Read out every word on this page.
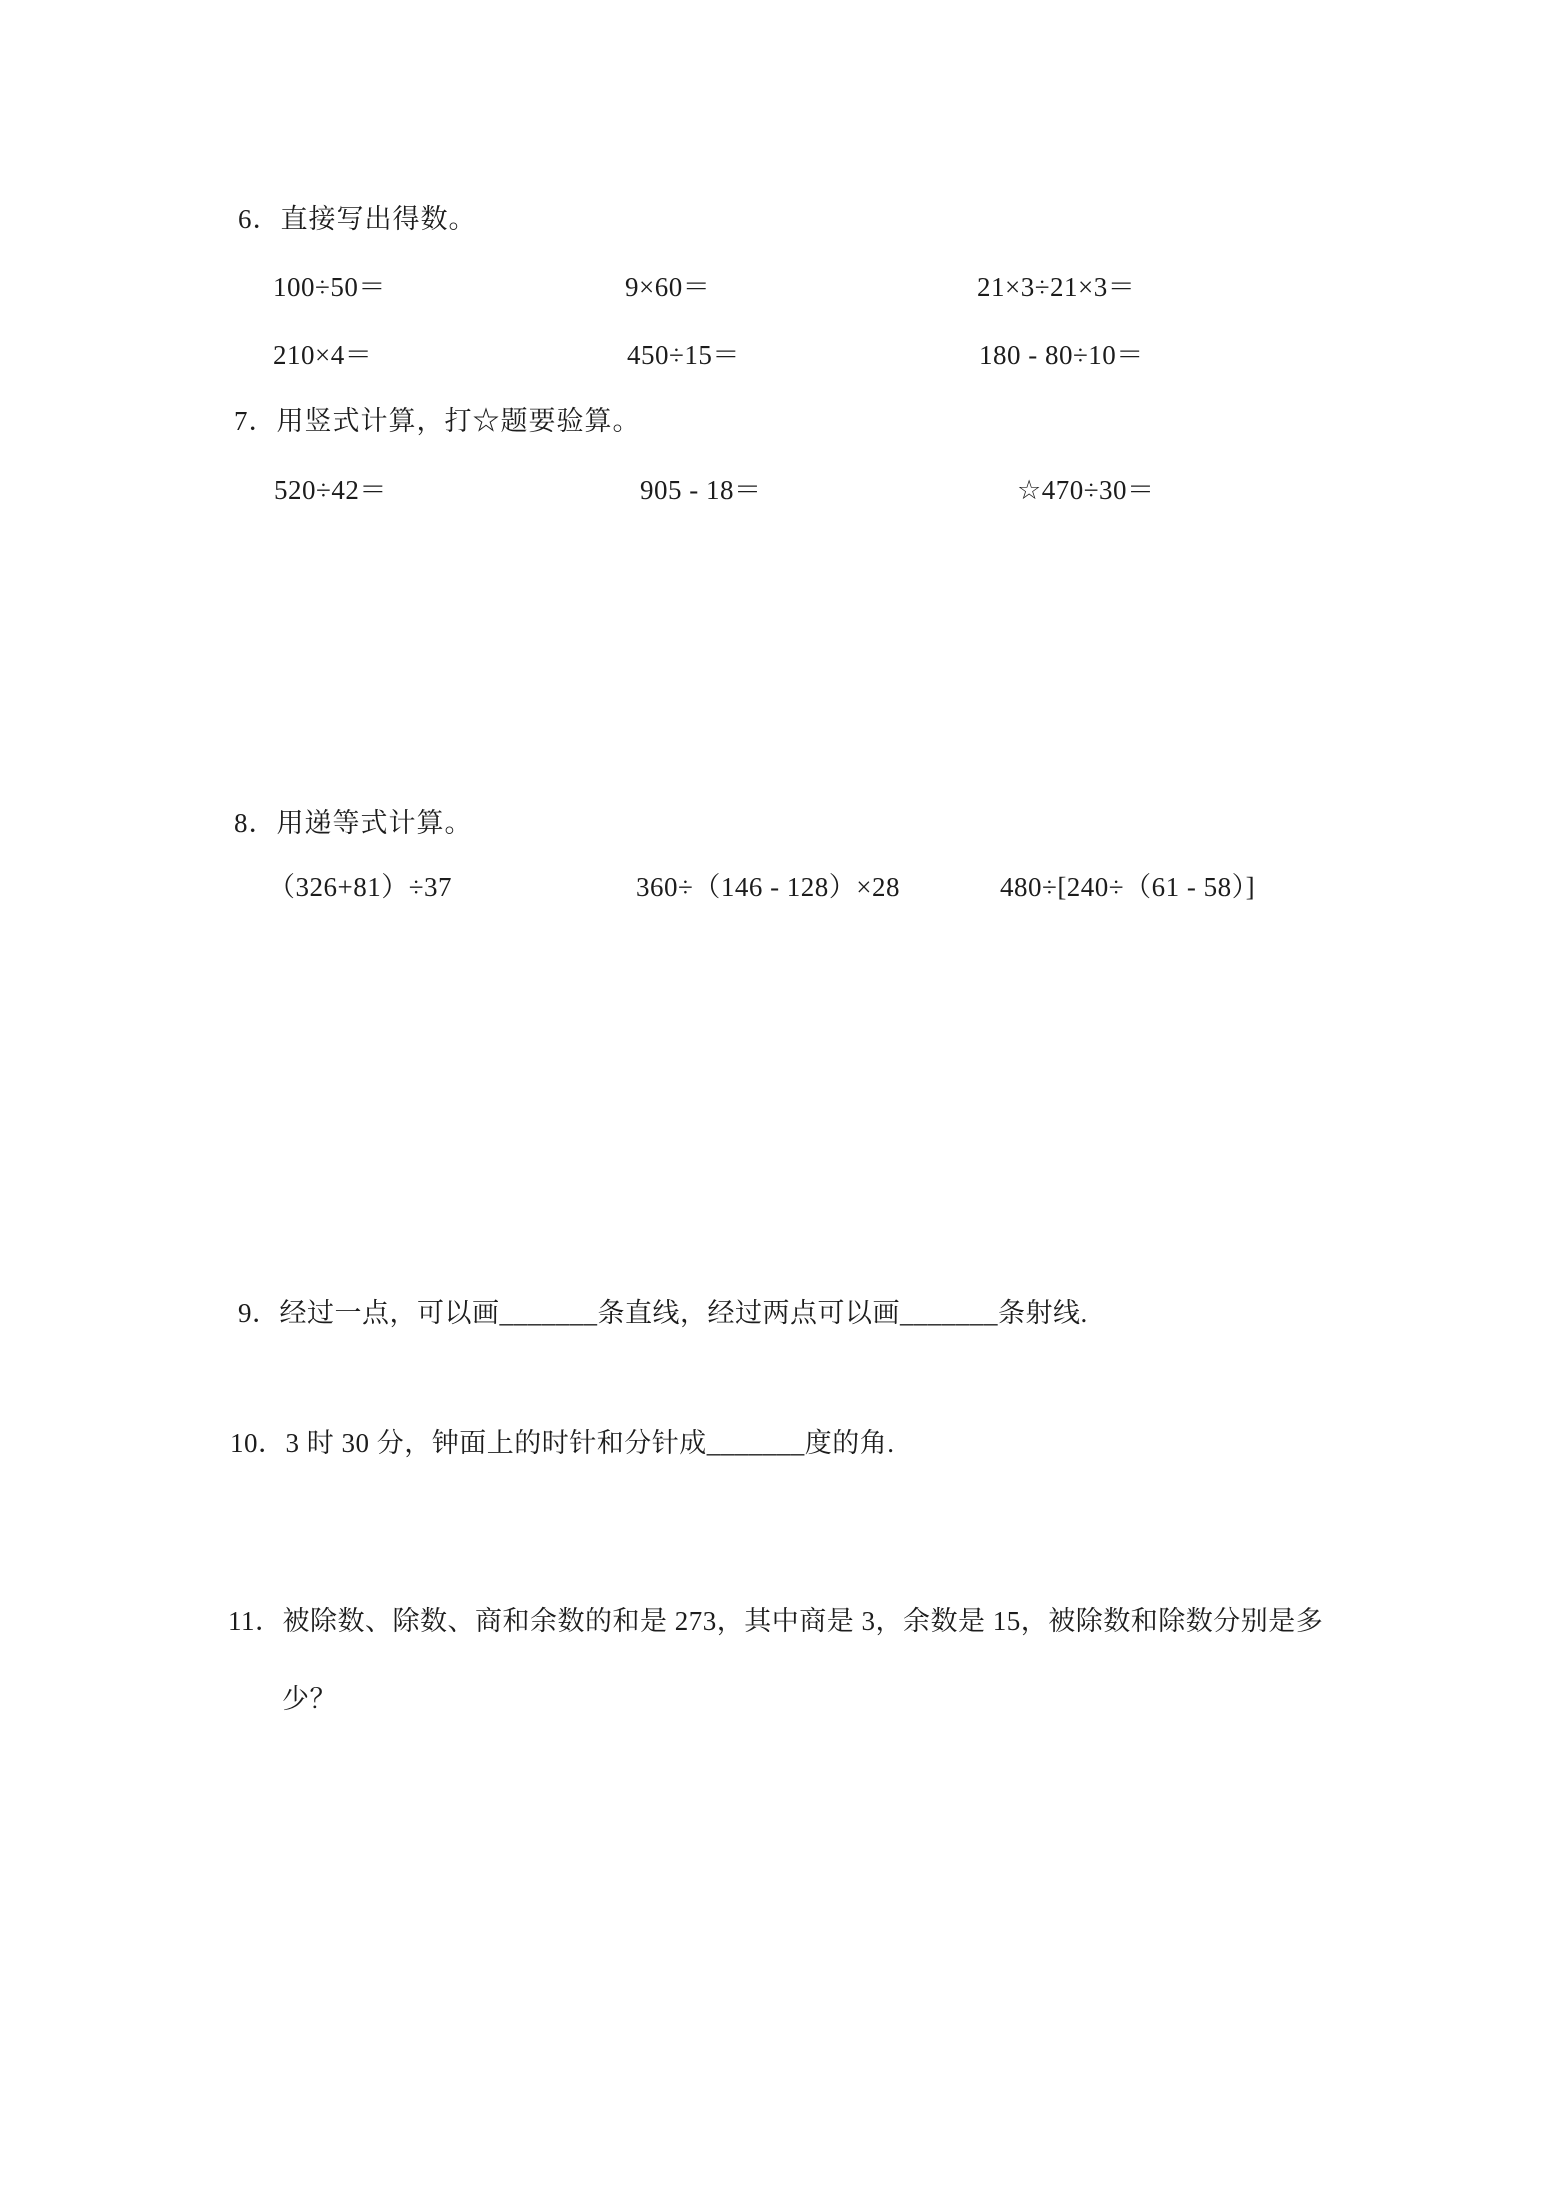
6．直接写出得数。
100÷50＝	9×60＝	21×3÷21×3＝
210×4＝	450÷15＝	180 - 80÷10＝
7．用竖式计算，打☆题要验算。
520÷42＝	905 - 18＝	☆470÷30＝
8．用递等式计算。
（326+81）÷37	360÷（146 - 128）×28	480÷[240÷（61 - 58）]
9．经过一点，可以画_______条直线，经过两点可以画_______条射线.
10．3 时 30 分，钟面上的时针和分针成_______度的角.
11．被除数、除数、商和余数的和是 273，其中商是 3，余数是 15，被除数和除数分别是多
少？
